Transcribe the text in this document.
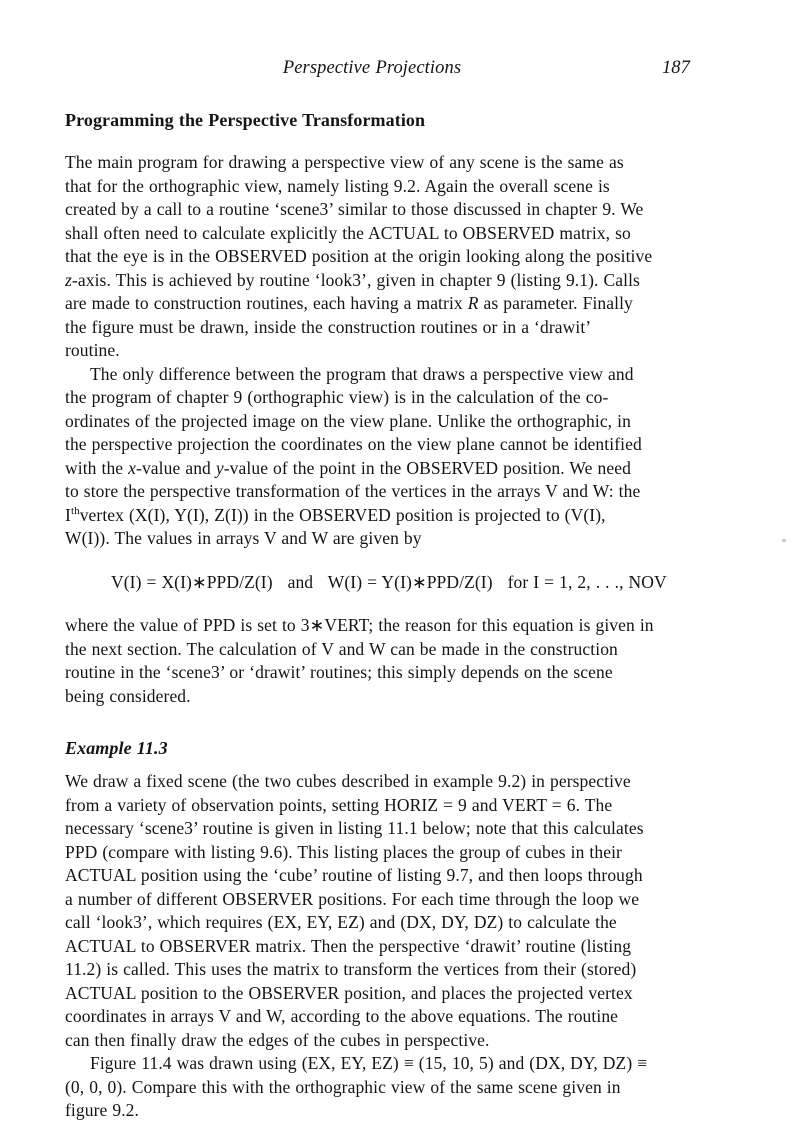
Perspective Projections	187
Programming the Perspective Transformation
The main program for drawing a perspective view of any scene is the same as
that for the orthographic view, namely listing 9.2. Again the overall scene is
created by a call to a routine ‘scene3’ similar to those discussed in chapter 9. We
shall often need to calculate explicitly the ACTUAL to OBSERVED matrix, so
that the eye is in the OBSERVED position at the origin looking along the positive
z-axis. This is achieved by routine ‘look3’, given in chapter 9 (listing 9.1). Calls
are made to construction routines, each having a matrix R as parameter. Finally
the figure must be drawn, inside the construction routines or in a ‘drawit’
routine.
The only difference between the program that draws a perspective view and
the program of chapter 9 (orthographic view) is in the calculation of the co-
ordinates of the projected image on the view plane. Unlike the orthographic, in
the perspective projection the coordinates on the view plane cannot be identified
with the x-value and y-value of the point in the OBSERVED position. We need
to store the perspective transformation of the vertices in the arrays V and W: the
Ithvertex (X(I), Y(I), Z(I)) in the OBSERVED position is projected to (V(I),
W(I)). The values in arrays V and W are given by
V(I) = X(I)∗PPD/Z(I)   and   W(I) = Y(I)∗PPD/Z(I)   for I = 1, 2, . . ., NOV
where the value of PPD is set to 3∗VERT; the reason for this equation is given in
the next section. The calculation of V and W can be made in the construction
routine in the ‘scene3’ or ‘drawit’ routines; this simply depends on the scene
being considered.
Example 11.3
We draw a fixed scene (the two cubes described in example 9.2) in perspective
from a variety of observation points, setting HORIZ = 9 and VERT = 6. The
necessary ‘scene3’ routine is given in listing 11.1 below; note that this calculates
PPD (compare with listing 9.6). This listing places the group of cubes in their
ACTUAL position using the ‘cube’ routine of listing 9.7, and then loops through
a number of different OBSERVER positions. For each time through the loop we
call ‘look3’, which requires (EX, EY, EZ) and (DX, DY, DZ) to calculate the
ACTUAL to OBSERVER matrix. Then the perspective ‘drawit’ routine (listing
11.2) is called. This uses the matrix to transform the vertices from their (stored)
ACTUAL position to the OBSERVER position, and places the projected vertex
coordinates in arrays V and W, according to the above equations. The routine
can then finally draw the edges of the cubes in perspective.
Figure 11.4 was drawn using (EX, EY, EZ) ≡ (15, 10, 5) and (DX, DY, DZ) ≡
(0, 0, 0). Compare this with the orthographic view of the same scene given in
figure 9.2.
